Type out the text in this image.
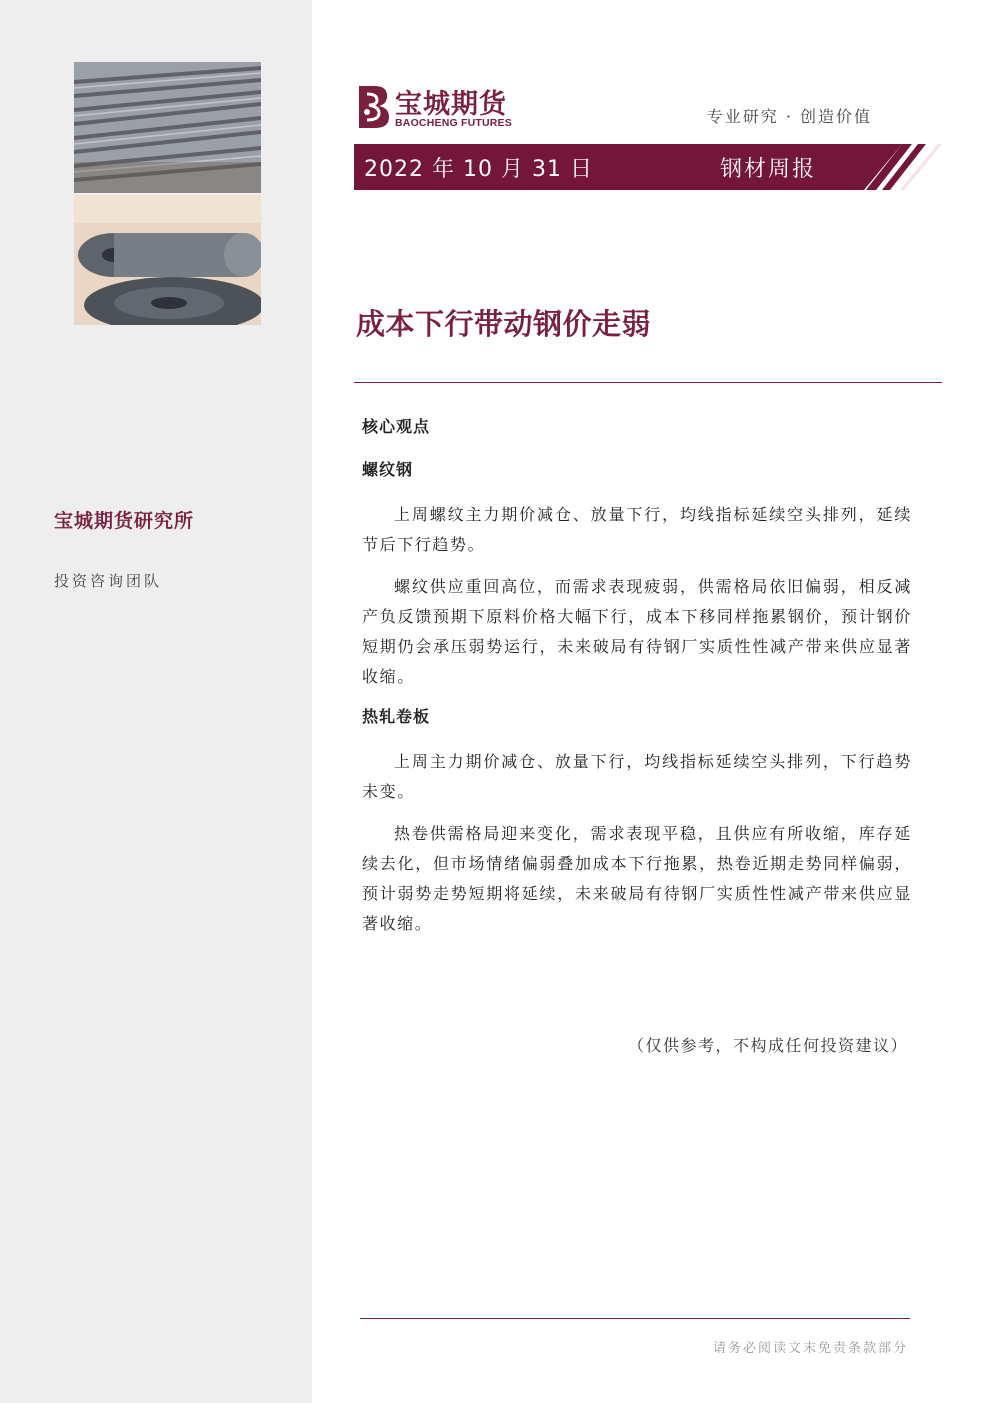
宝城期货研究所
投资咨询团队
宝城期货
BAOCHENG FUTURES	专业研究 · 创造价值
2022 年 10 月 31 日	钢材周报
成本下行带动钢价走弱
核心观点
螺纹钢

上周螺纹主力期价减仓、放量下行，均线指标延续空头排列，延续节后下行趋势。

螺纹供应重回高位，而需求表现疲弱，供需格局依旧偏弱，相反减产负反馈预期下原料价格大幅下行，成本下移同样拖累钢价，预计钢价短期仍会承压弱势运行，未来破局有待钢厂实质性性减产带来供应显著收缩。

热轧卷板

上周主力期价减仓、放量下行，均线指标延续空头排列，下行趋势未变。

热卷供需格局迎来变化，需求表现平稳，且供应有所收缩，库存延续去化，但市场情绪偏弱叠加成本下行拖累，热卷近期走势同样偏弱，预计弱势走势短期将延续，未来破局有待钢厂实质性性减产带来供应显著收缩。

（仅供参考，不构成任何投资建议）
请务必阅读文末免责条款部分
